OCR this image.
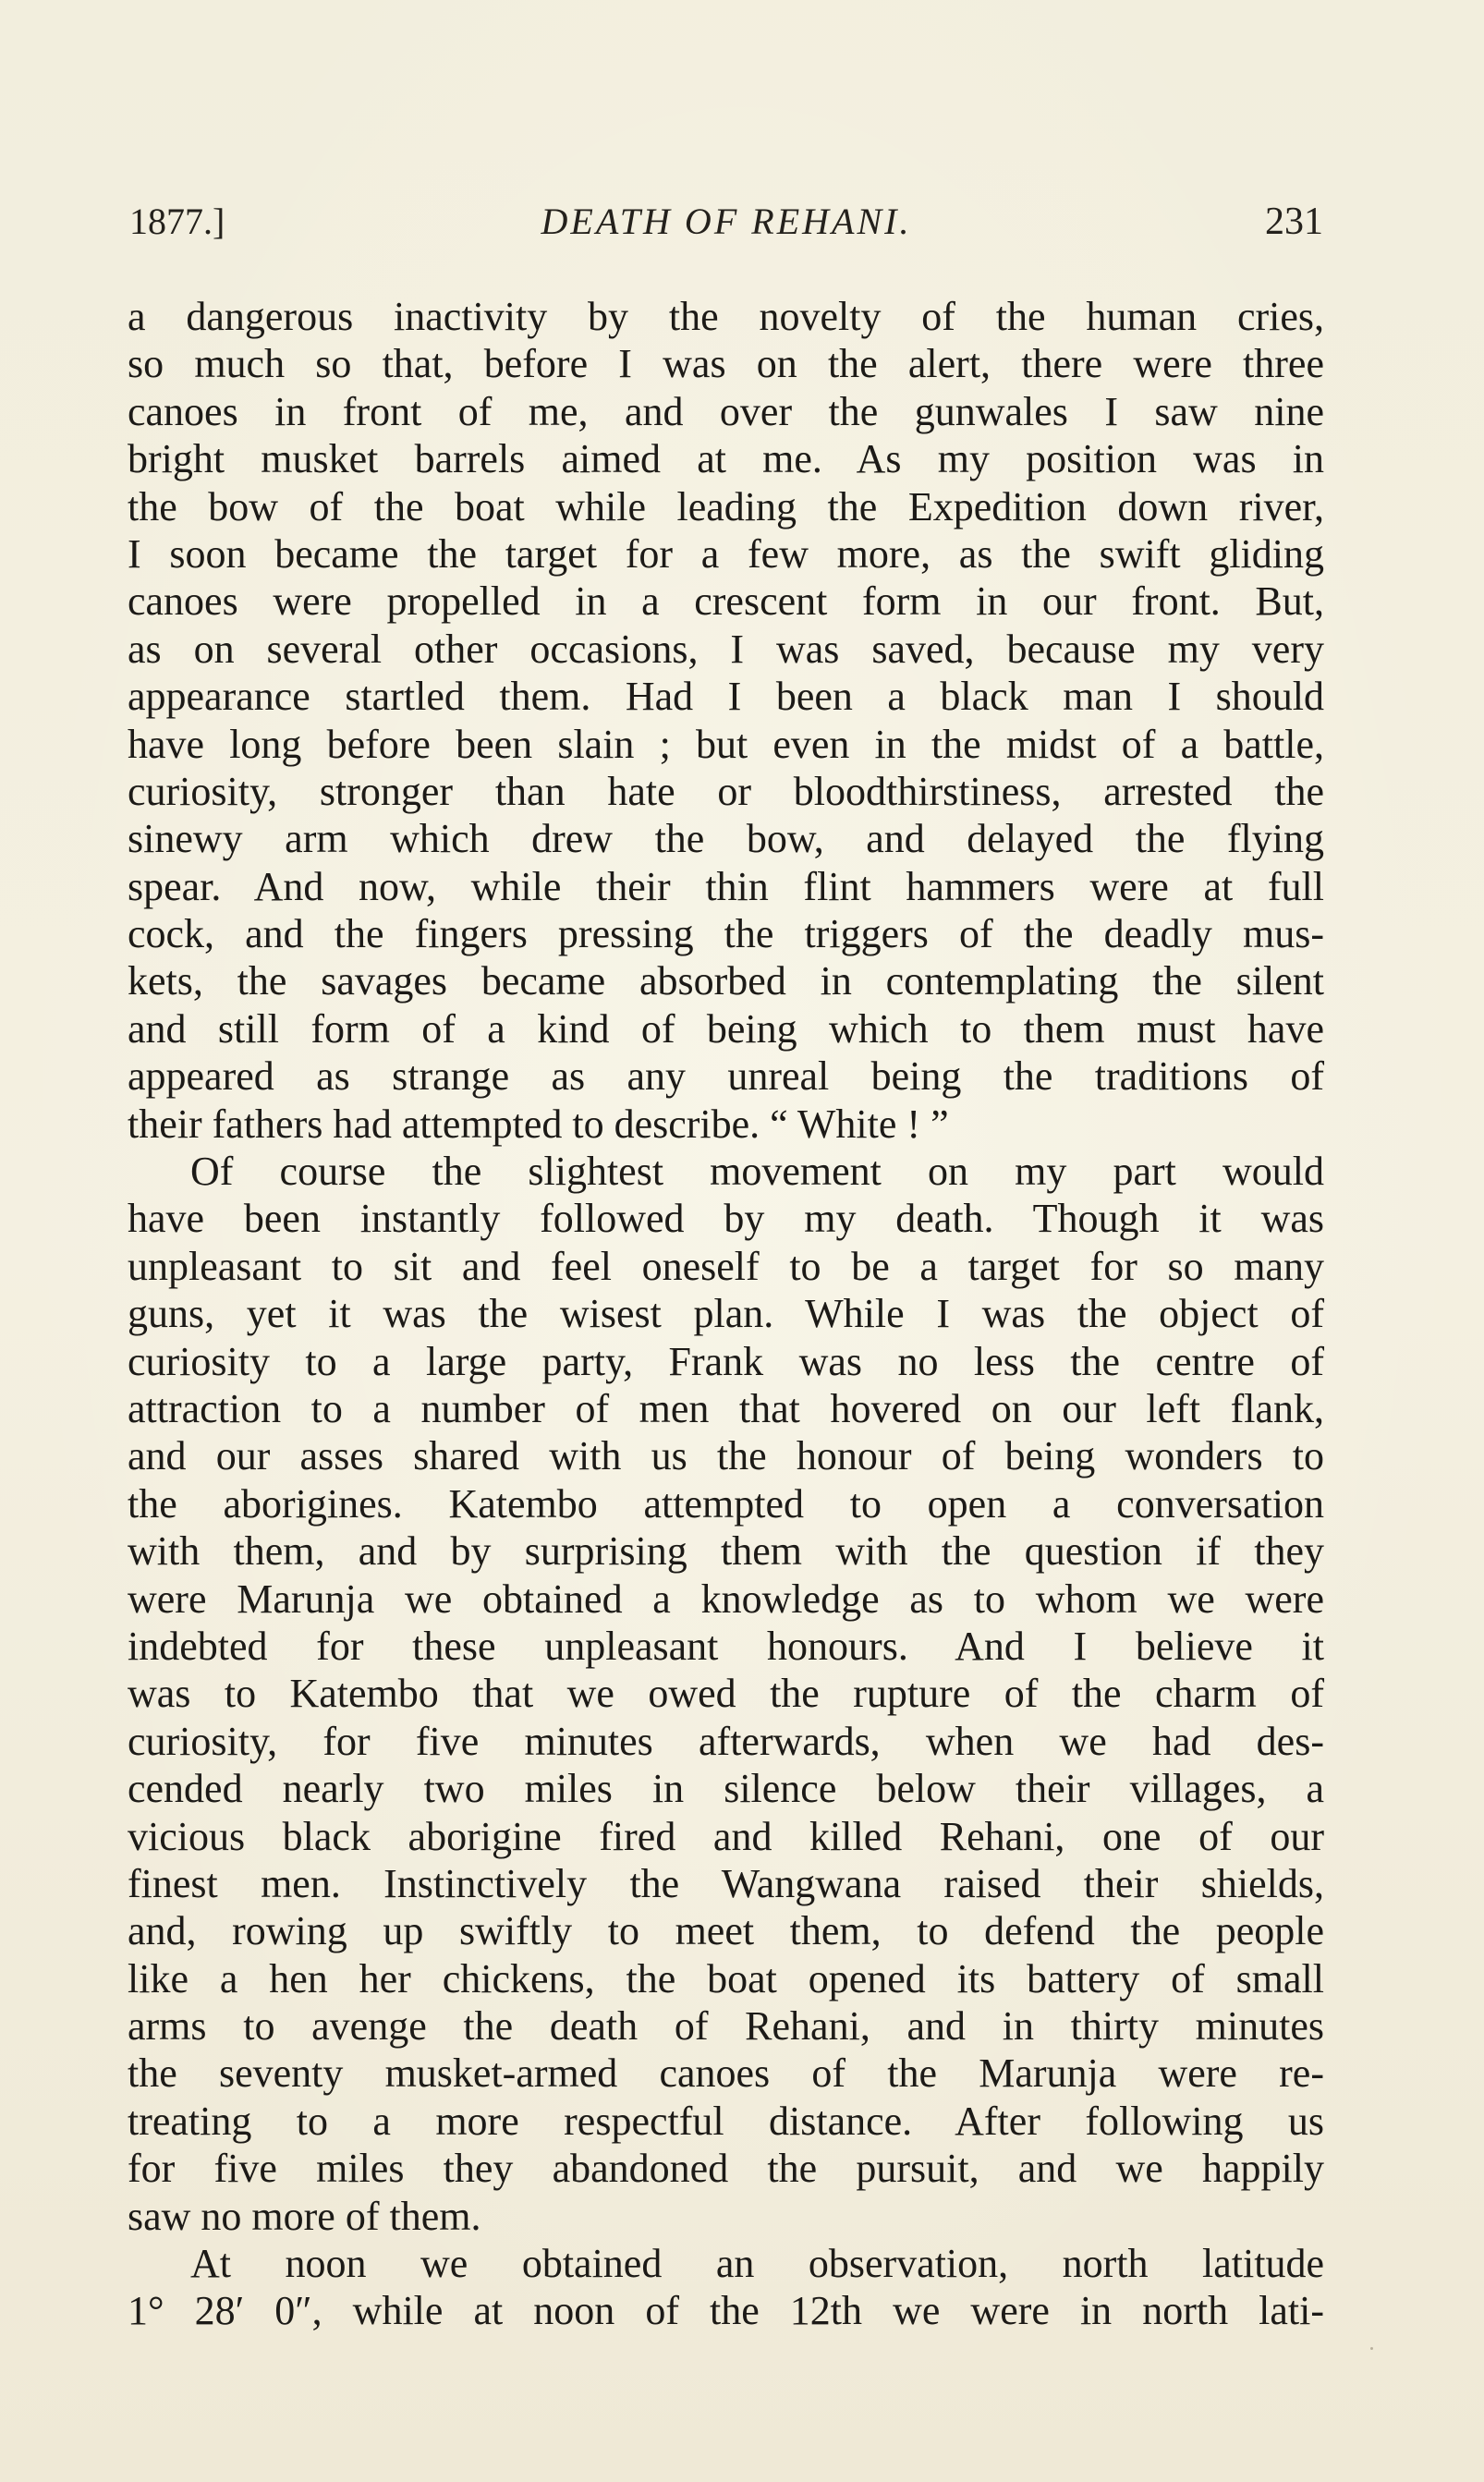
1877.]	DEATH OF REHANI.	231
a dangerous inactivity by the novelty of the human cries,
so much so that, before I was on the alert, there were three
canoes in front of me, and over the gunwales I saw nine
bright musket barrels aimed at me. As my position was in
the bow of the boat while leading the Expedition down river,
I soon became the target for a few more, as the swift gliding
canoes were propelled in a crescent form in our front. But,
as on several other occasions, I was saved, because my very
appearance startled them. Had I been a black man I should
have long before been slain ; but even in the midst of a battle,
curiosity, stronger than hate or bloodthirstiness, arrested the
sinewy arm which drew the bow, and delayed the flying
spear. And now, while their thin flint hammers were at full
cock, and the fingers pressing the triggers of the deadly mus-
kets, the savages became absorbed in contemplating the silent
and still form of a kind of being which to them must have
appeared as strange as any unreal being the traditions of
their fathers had attempted to describe. “ White ! ”
Of course the slightest movement on my part would
have been instantly followed by my death. Though it was
unpleasant to sit and feel oneself to be a target for so many
guns, yet it was the wisest plan. While I was the object of
curiosity to a large party, Frank was no less the centre of
attraction to a number of men that hovered on our left flank,
and our asses shared with us the honour of being wonders to
the aborigines. Katembo attempted to open a conversation
with them, and by surprising them with the question if they
were Marunja we obtained a knowledge as to whom we were
indebted for these unpleasant honours. And I believe it
was to Katembo that we owed the rupture of the charm of
curiosity, for five minutes afterwards, when we had des-
cended nearly two miles in silence below their villages, a
vicious black aborigine fired and killed Rehani, one of our
finest men. Instinctively the Wangwana raised their shields,
and, rowing up swiftly to meet them, to defend the people
like a hen her chickens, the boat opened its battery of small
arms to avenge the death of Rehani, and in thirty minutes
the seventy musket-armed canoes of the Marunja were re-
treating to a more respectful distance. After following us
for five miles they abandoned the pursuit, and we happily
saw no more of them.
At noon we obtained an observation, north latitude
1° 28′ 0″, while at noon of the 12th we were in north lati-
